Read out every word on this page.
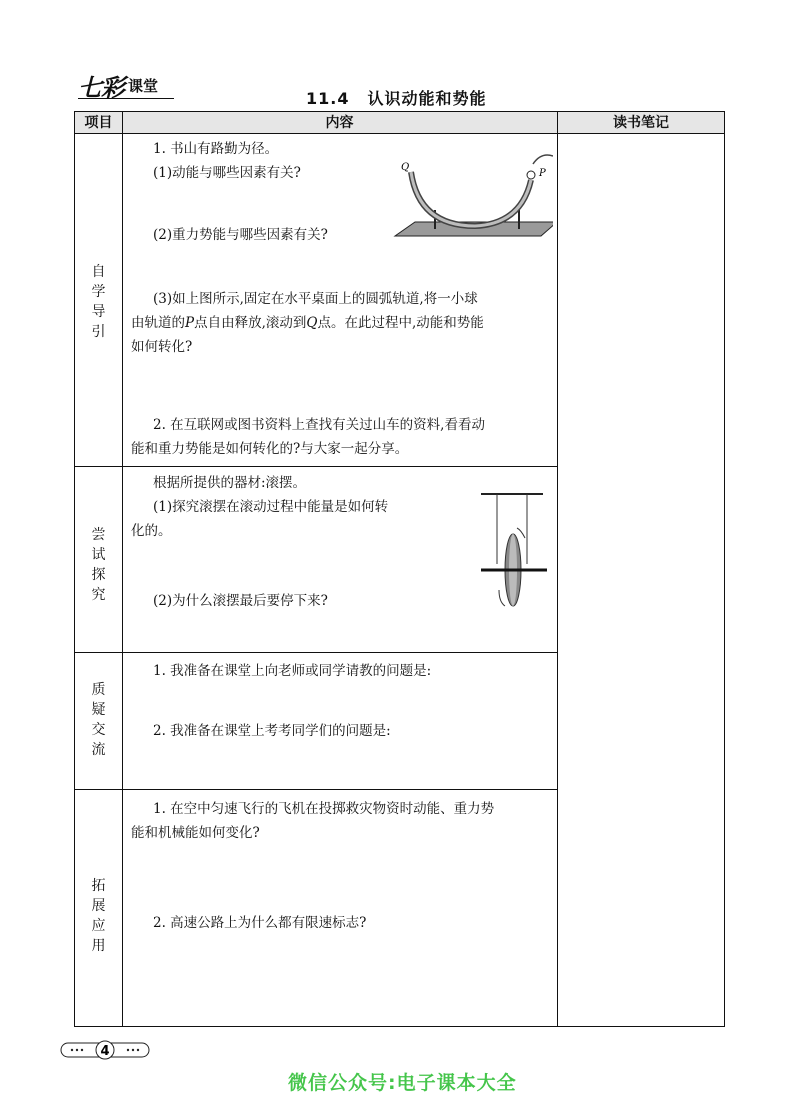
七彩 课堂
11.4 认识动能和势能
项目	内容	读书笔记
自
学
导
引
1. 书山有路勤为径。
(1)动能与哪些因素有关?
(2)重力势能与哪些因素有关?
(3)如上图所示,固定在水平桌面上的圆弧轨道,将一小球
由轨道的P点自由释放,滚动到Q点。在此过程中,动能和势能
如何转化?
2. 在互联网或图书资料上查找有关过山车的资料,看看动
能和重力势能是如何转化的?与大家一起分享。
Q
P
尝
试
探
究
根据所提供的器材:滚摆。
(1)探究滚摆在滚动过程中能量是如何转
化的。
(2)为什么滚摆最后要停下来?
质
疑
交
流
1. 我准备在课堂上向老师或同学请教的问题是:
2. 我准备在课堂上考考同学们的问题是:
拓
展
应
用
1. 在空中匀速飞行的飞机在投掷救灾物资时动能、重力势
能和机械能如何变化?
2. 高速公路上为什么都有限速标志?
4
微信公众号:电子课本大全
